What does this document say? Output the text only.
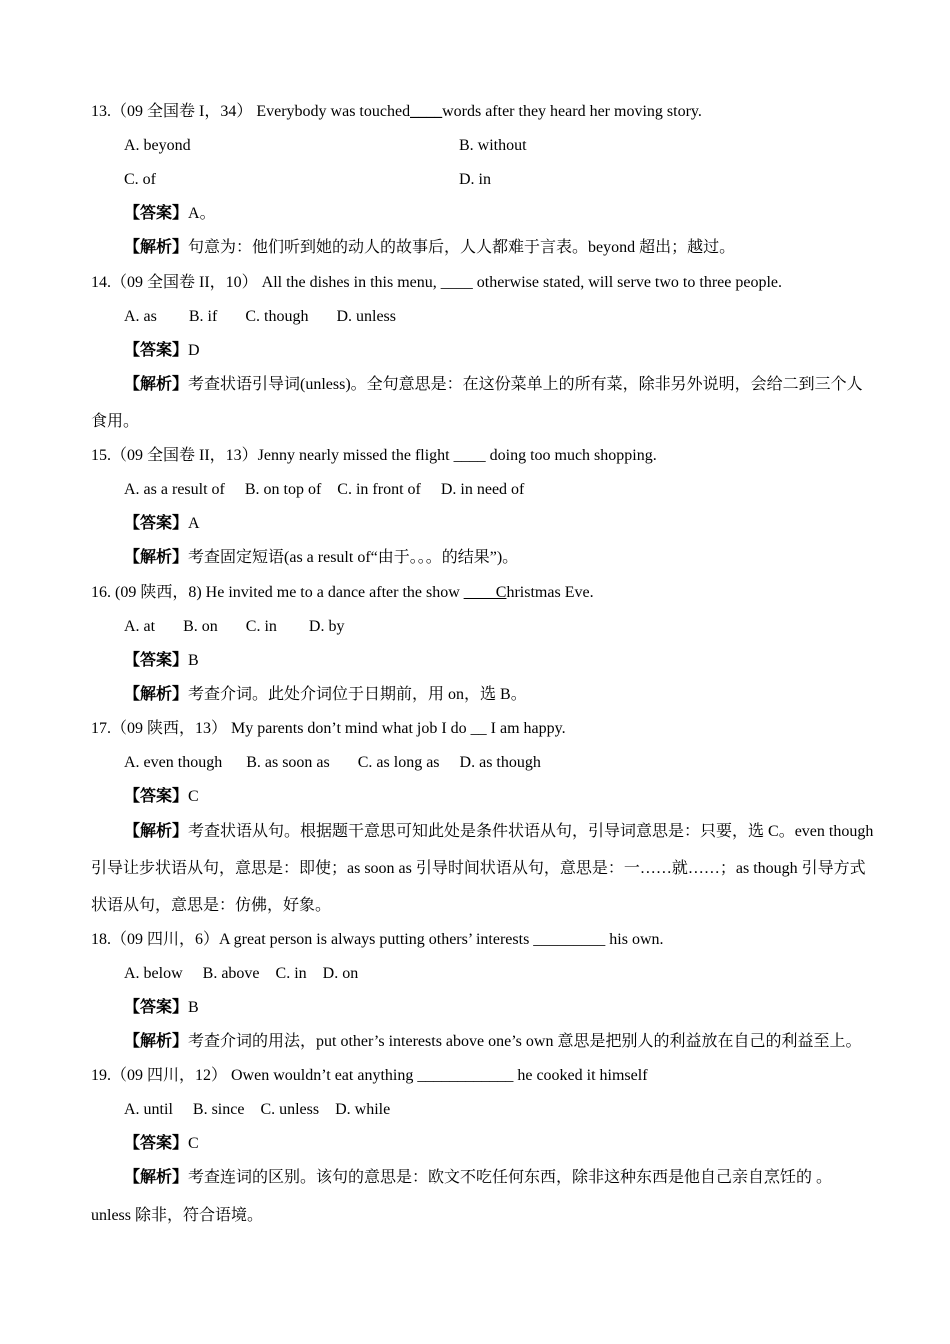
13.（09 全国卷 I，34） Everybody was touched____words after they heard her moving story.
A. beyond	B. without
C. of	D. in
【答案】A。
【解析】句意为：他们听到她的动人的故事后，人人都难于言表。beyond 超出；越过。
14.（09 全国卷 II，10） All the dishes in this menu, ____ otherwise stated, will serve two to three people.
A. as        B. if       C. though       D. unless
【答案】D
【解析】考查状语引导词(unless)。全句意思是：在这份菜单上的所有菜，除非另外说明，会给二到三个人
食用。
15.（09 全国卷 II，13）Jenny nearly missed the flight ____ doing too much shopping.
A. as a result of     B. on top of    C. in front of     D. in need of
【答案】A
【解析】考查固定短语(as a result of“由于。。。的结果”)。
16. (09 陕西，8) He invited me to a dance after the show ____Christmas Eve.
A. at       B. on       C. in        D. by
【答案】B
【解析】考查介词。此处介词位于日期前，用 on，选 B。
17.（09 陕西，13） My parents don’t mind what job I do __ I am happy.
A. even though      B. as soon as       C. as long as     D. as though
【答案】C
【解析】考查状语从句。根据题干意思可知此处是条件状语从句，引导词意思是：只要，选 C。even though
引导让步状语从句，意思是：即使；as soon as 引导时间状语从句，意思是：一……就……；as though 引导方式
状语从句，意思是：仿佛，好象。
18.（09 四川，6）A great person is always putting others’ interests _________ his own.
A. below     B. above    C. in    D. on
【答案】B
【解析】考查介词的用法，put other’s interests above one’s own 意思是把别人的利益放在自己的利益至上。
19.（09 四川，12） Owen wouldn’t eat anything ____________ he cooked it himself
A. until     B. since    C. unless    D. while
【答案】C
【解析】考查连词的区别。该句的意思是：欧文不吃任何东西，除非这种东西是他自己亲自烹饪的 。
unless 除非，符合语境。
